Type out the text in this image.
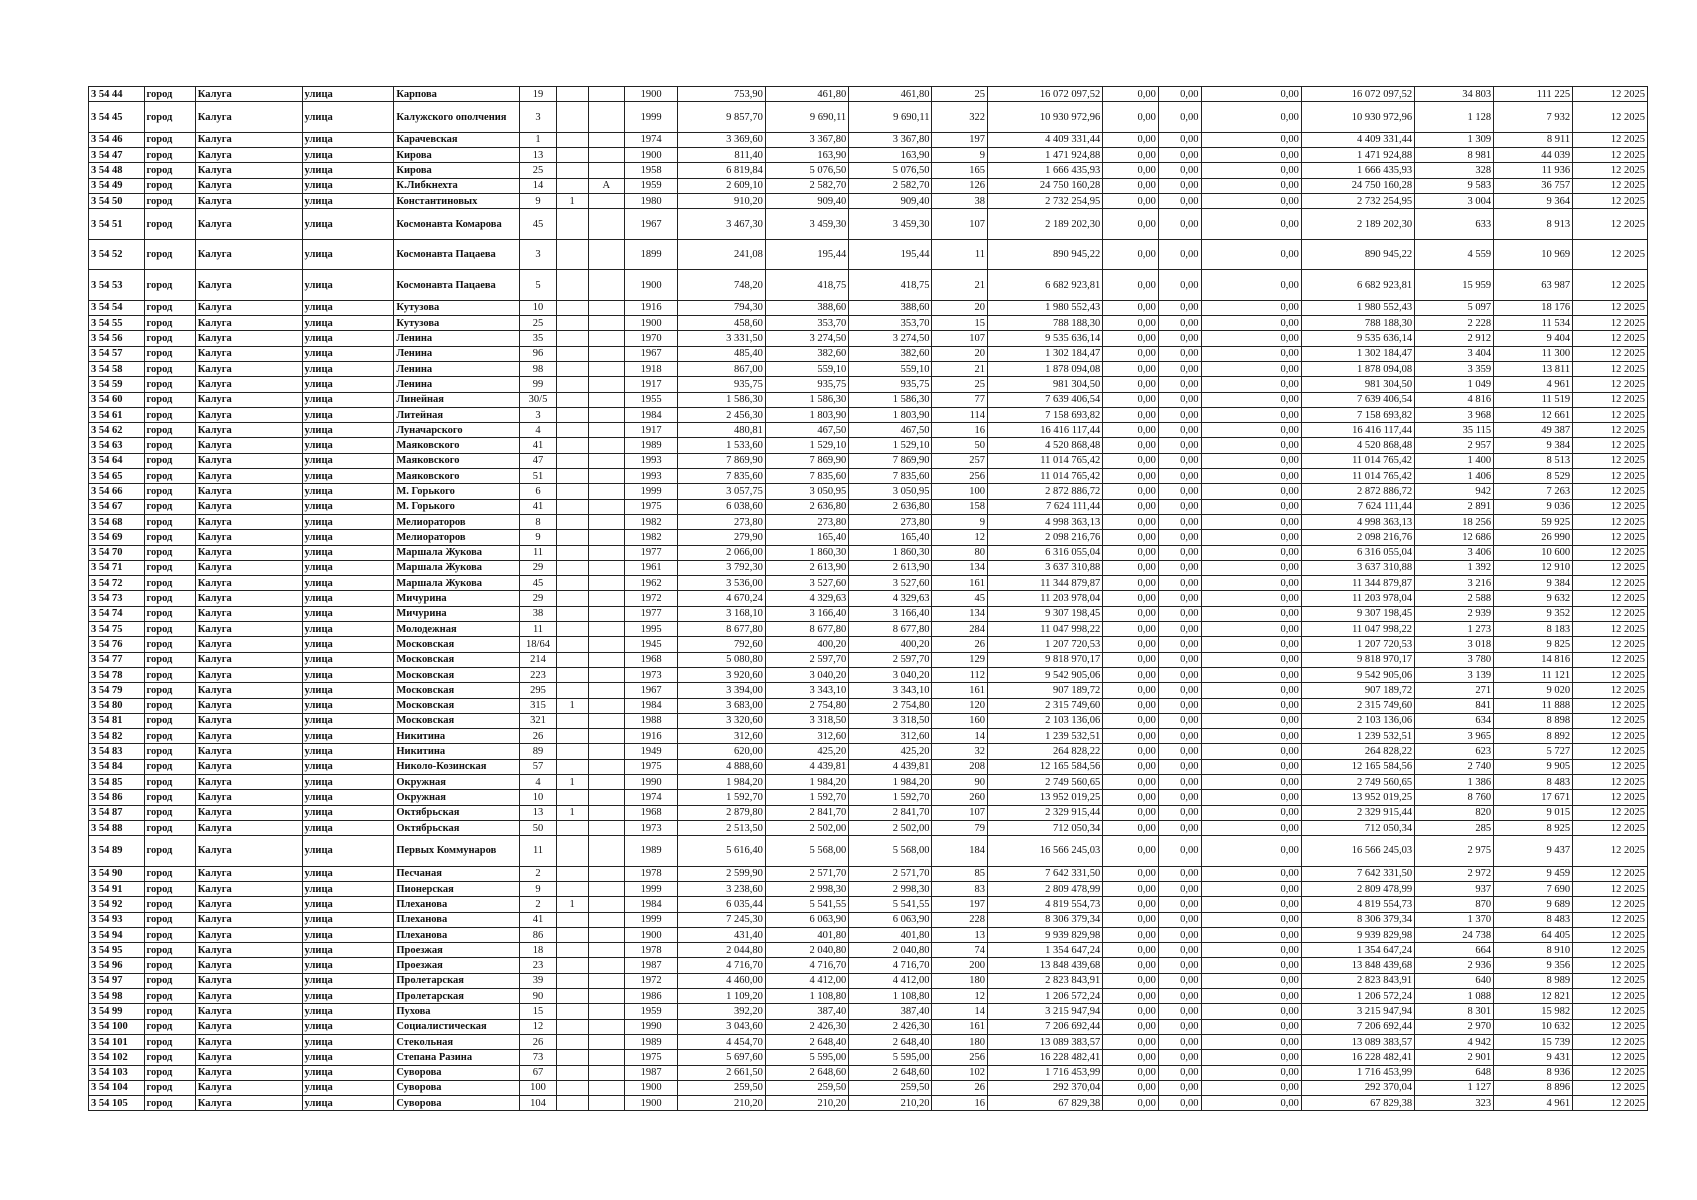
3 54 44	город	Калуга	улица	Карпова	19			1900	753,90	461,80	461,80	25	16 072 097,52	0,00	0,00	0,00	16 072 097,52	34 803	111 225	12 2025
3 54 45	город	Калуга	улица	Калужского ополчения	3			1999	9 857,70	9 690,11	9 690,11	322	10 930 972,96	0,00	0,00	0,00	10 930 972,96	1 128	7 932	12 2025
3 54 46	город	Калуга	улица	Карачевская	1			1974	3 369,60	3 367,80	3 367,80	197	4 409 331,44	0,00	0,00	0,00	4 409 331,44	1 309	8 911	12 2025
3 54 47	город	Калуга	улица	Кирова	13			1900	811,40	163,90	163,90	9	1 471 924,88	0,00	0,00	0,00	1 471 924,88	8 981	44 039	12 2025
3 54 48	город	Калуга	улица	Кирова	25			1958	6 819,84	5 076,50	5 076,50	165	1 666 435,93	0,00	0,00	0,00	1 666 435,93	328	11 936	12 2025
3 54 49	город	Калуга	улица	К.Либкнехта	14		А	1959	2 609,10	2 582,70	2 582,70	126	24 750 160,28	0,00	0,00	0,00	24 750 160,28	9 583	36 757	12 2025
3 54 50	город	Калуга	улица	Константиновых	9	1		1980	910,20	909,40	909,40	38	2 732 254,95	0,00	0,00	0,00	2 732 254,95	3 004	9 364	12 2025
3 54 51	город	Калуга	улица	Космонавта Комарова	45			1967	3 467,30	3 459,30	3 459,30	107	2 189 202,30	0,00	0,00	0,00	2 189 202,30	633	8 913	12 2025
3 54 52	город	Калуга	улица	Космонавта Пацаева	3			1899	241,08	195,44	195,44	11	890 945,22	0,00	0,00	0,00	890 945,22	4 559	10 969	12 2025
3 54 53	город	Калуга	улица	Космонавта Пацаева	5			1900	748,20	418,75	418,75	21	6 682 923,81	0,00	0,00	0,00	6 682 923,81	15 959	63 987	12 2025
3 54 54	город	Калуга	улица	Кутузова	10			1916	794,30	388,60	388,60	20	1 980 552,43	0,00	0,00	0,00	1 980 552,43	5 097	18 176	12 2025
3 54 55	город	Калуга	улица	Кутузова	25			1900	458,60	353,70	353,70	15	788 188,30	0,00	0,00	0,00	788 188,30	2 228	11 534	12 2025
3 54 56	город	Калуга	улица	Ленина	35			1970	3 331,50	3 274,50	3 274,50	107	9 535 636,14	0,00	0,00	0,00	9 535 636,14	2 912	9 404	12 2025
3 54 57	город	Калуга	улица	Ленина	96			1967	485,40	382,60	382,60	20	1 302 184,47	0,00	0,00	0,00	1 302 184,47	3 404	11 300	12 2025
3 54 58	город	Калуга	улица	Ленина	98			1918	867,00	559,10	559,10	21	1 878 094,08	0,00	0,00	0,00	1 878 094,08	3 359	13 811	12 2025
3 54 59	город	Калуга	улица	Ленина	99			1917	935,75	935,75	935,75	25	981 304,50	0,00	0,00	0,00	981 304,50	1 049	4 961	12 2025
3 54 60	город	Калуга	улица	Линейная	30/5			1955	1 586,30	1 586,30	1 586,30	77	7 639 406,54	0,00	0,00	0,00	7 639 406,54	4 816	11 519	12 2025
3 54 61	город	Калуга	улица	Литейная	3			1984	2 456,30	1 803,90	1 803,90	114	7 158 693,82	0,00	0,00	0,00	7 158 693,82	3 968	12 661	12 2025
3 54 62	город	Калуга	улица	Луначарского	4			1917	480,81	467,50	467,50	16	16 416 117,44	0,00	0,00	0,00	16 416 117,44	35 115	49 387	12 2025
3 54 63	город	Калуга	улица	Маяковского	41			1989	1 533,60	1 529,10	1 529,10	50	4 520 868,48	0,00	0,00	0,00	4 520 868,48	2 957	9 384	12 2025
3 54 64	город	Калуга	улица	Маяковского	47			1993	7 869,90	7 869,90	7 869,90	257	11 014 765,42	0,00	0,00	0,00	11 014 765,42	1 400	8 513	12 2025
3 54 65	город	Калуга	улица	Маяковского	51			1993	7 835,60	7 835,60	7 835,60	256	11 014 765,42	0,00	0,00	0,00	11 014 765,42	1 406	8 529	12 2025
3 54 66	город	Калуга	улица	М. Горького	6			1999	3 057,75	3 050,95	3 050,95	100	2 872 886,72	0,00	0,00	0,00	2 872 886,72	942	7 263	12 2025
3 54 67	город	Калуга	улица	М. Горького	41			1975	6 038,60	2 636,80	2 636,80	158	7 624 111,44	0,00	0,00	0,00	7 624 111,44	2 891	9 036	12 2025
3 54 68	город	Калуга	улица	Мелиораторов	8			1982	273,80	273,80	273,80	9	4 998 363,13	0,00	0,00	0,00	4 998 363,13	18 256	59 925	12 2025
3 54 69	город	Калуга	улица	Мелиораторов	9			1982	279,90	165,40	165,40	12	2 098 216,76	0,00	0,00	0,00	2 098 216,76	12 686	26 990	12 2025
3 54 70	город	Калуга	улица	Маршала Жукова	11			1977	2 066,00	1 860,30	1 860,30	80	6 316 055,04	0,00	0,00	0,00	6 316 055,04	3 406	10 600	12 2025
3 54 71	город	Калуга	улица	Маршала Жукова	29			1961	3 792,30	2 613,90	2 613,90	134	3 637 310,88	0,00	0,00	0,00	3 637 310,88	1 392	12 910	12 2025
3 54 72	город	Калуга	улица	Маршала Жукова	45			1962	3 536,00	3 527,60	3 527,60	161	11 344 879,87	0,00	0,00	0,00	11 344 879,87	3 216	9 384	12 2025
3 54 73	город	Калуга	улица	Мичурина	29			1972	4 670,24	4 329,63	4 329,63	45	11 203 978,04	0,00	0,00	0,00	11 203 978,04	2 588	9 632	12 2025
3 54 74	город	Калуга	улица	Мичурина	38			1977	3 168,10	3 166,40	3 166,40	134	9 307 198,45	0,00	0,00	0,00	9 307 198,45	2 939	9 352	12 2025
3 54 75	город	Калуга	улица	Молодежная	11			1995	8 677,80	8 677,80	8 677,80	284	11 047 998,22	0,00	0,00	0,00	11 047 998,22	1 273	8 183	12 2025
3 54 76	город	Калуга	улица	Московская	18/64			1945	792,60	400,20	400,20	26	1 207 720,53	0,00	0,00	0,00	1 207 720,53	3 018	9 825	12 2025
3 54 77	город	Калуга	улица	Московская	214			1968	5 080,80	2 597,70	2 597,70	129	9 818 970,17	0,00	0,00	0,00	9 818 970,17	3 780	14 816	12 2025
3 54 78	город	Калуга	улица	Московская	223			1973	3 920,60	3 040,20	3 040,20	112	9 542 905,06	0,00	0,00	0,00	9 542 905,06	3 139	11 121	12 2025
3 54 79	город	Калуга	улица	Московская	295			1967	3 394,00	3 343,10	3 343,10	161	907 189,72	0,00	0,00	0,00	907 189,72	271	9 020	12 2025
3 54 80	город	Калуга	улица	Московская	315	1		1984	3 683,00	2 754,80	2 754,80	120	2 315 749,60	0,00	0,00	0,00	2 315 749,60	841	11 888	12 2025
3 54 81	город	Калуга	улица	Московская	321			1988	3 320,60	3 318,50	3 318,50	160	2 103 136,06	0,00	0,00	0,00	2 103 136,06	634	8 898	12 2025
3 54 82	город	Калуга	улица	Никитина	26			1916	312,60	312,60	312,60	14	1 239 532,51	0,00	0,00	0,00	1 239 532,51	3 965	8 892	12 2025
3 54 83	город	Калуга	улица	Никитина	89			1949	620,00	425,20	425,20	32	264 828,22	0,00	0,00	0,00	264 828,22	623	5 727	12 2025
3 54 84	город	Калуга	улица	Николо-Козинская	57			1975	4 888,60	4 439,81	4 439,81	208	12 165 584,56	0,00	0,00	0,00	12 165 584,56	2 740	9 905	12 2025
3 54 85	город	Калуга	улица	Окружная	4	1		1990	1 984,20	1 984,20	1 984,20	90	2 749 560,65	0,00	0,00	0,00	2 749 560,65	1 386	8 483	12 2025
3 54 86	город	Калуга	улица	Окружная	10			1974	1 592,70	1 592,70	1 592,70	260	13 952 019,25	0,00	0,00	0,00	13 952 019,25	8 760	17 671	12 2025
3 54 87	город	Калуга	улица	Октябрьская	13	1		1968	2 879,80	2 841,70	2 841,70	107	2 329 915,44	0,00	0,00	0,00	2 329 915,44	820	9 015	12 2025
3 54 88	город	Калуга	улица	Октябрьская	50			1973	2 513,50	2 502,00	2 502,00	79	712 050,34	0,00	0,00	0,00	712 050,34	285	8 925	12 2025
3 54 89	город	Калуга	улица	Первых Коммунаров	11			1989	5 616,40	5 568,00	5 568,00	184	16 566 245,03	0,00	0,00	0,00	16 566 245,03	2 975	9 437	12 2025
3 54 90	город	Калуга	улица	Песчаная	2			1978	2 599,90	2 571,70	2 571,70	85	7 642 331,50	0,00	0,00	0,00	7 642 331,50	2 972	9 459	12 2025
3 54 91	город	Калуга	улица	Пионерская	9			1999	3 238,60	2 998,30	2 998,30	83	2 809 478,99	0,00	0,00	0,00	2 809 478,99	937	7 690	12 2025
3 54 92	город	Калуга	улица	Плеханова	2	1		1984	6 035,44	5 541,55	5 541,55	197	4 819 554,73	0,00	0,00	0,00	4 819 554,73	870	9 689	12 2025
3 54 93	город	Калуга	улица	Плеханова	41			1999	7 245,30	6 063,90	6 063,90	228	8 306 379,34	0,00	0,00	0,00	8 306 379,34	1 370	8 483	12 2025
3 54 94	город	Калуга	улица	Плеханова	86			1900	431,40	401,80	401,80	13	9 939 829,98	0,00	0,00	0,00	9 939 829,98	24 738	64 405	12 2025
3 54 95	город	Калуга	улица	Проезжая	18			1978	2 044,80	2 040,80	2 040,80	74	1 354 647,24	0,00	0,00	0,00	1 354 647,24	664	8 910	12 2025
3 54 96	город	Калуга	улица	Проезжая	23			1987	4 716,70	4 716,70	4 716,70	200	13 848 439,68	0,00	0,00	0,00	13 848 439,68	2 936	9 356	12 2025
3 54 97	город	Калуга	улица	Пролетарская	39			1972	4 460,00	4 412,00	4 412,00	180	2 823 843,91	0,00	0,00	0,00	2 823 843,91	640	8 989	12 2025
3 54 98	город	Калуга	улица	Пролетарская	90			1986	1 109,20	1 108,80	1 108,80	12	1 206 572,24	0,00	0,00	0,00	1 206 572,24	1 088	12 821	12 2025
3 54 99	город	Калуга	улица	Пухова	15			1959	392,20	387,40	387,40	14	3 215 947,94	0,00	0,00	0,00	3 215 947,94	8 301	15 982	12 2025
3 54 100	город	Калуга	улица	Социалистическая	12			1990	3 043,60	2 426,30	2 426,30	161	7 206 692,44	0,00	0,00	0,00	7 206 692,44	2 970	10 632	12 2025
3 54 101	город	Калуга	улица	Стекольная	26			1989	4 454,70	2 648,40	2 648,40	180	13 089 383,57	0,00	0,00	0,00	13 089 383,57	4 942	15 739	12 2025
3 54 102	город	Калуга	улица	Степана Разина	73			1975	5 697,60	5 595,00	5 595,00	256	16 228 482,41	0,00	0,00	0,00	16 228 482,41	2 901	9 431	12 2025
3 54 103	город	Калуга	улица	Суворова	67			1987	2 661,50	2 648,60	2 648,60	102	1 716 453,99	0,00	0,00	0,00	1 716 453,99	648	8 936	12 2025
3 54 104	город	Калуга	улица	Суворова	100			1900	259,50	259,50	259,50	26	292 370,04	0,00	0,00	0,00	292 370,04	1 127	8 896	12 2025
3 54 105	город	Калуга	улица	Суворова	104			1900	210,20	210,20	210,20	16	67 829,38	0,00	0,00	0,00	67 829,38	323	4 961	12 2025
